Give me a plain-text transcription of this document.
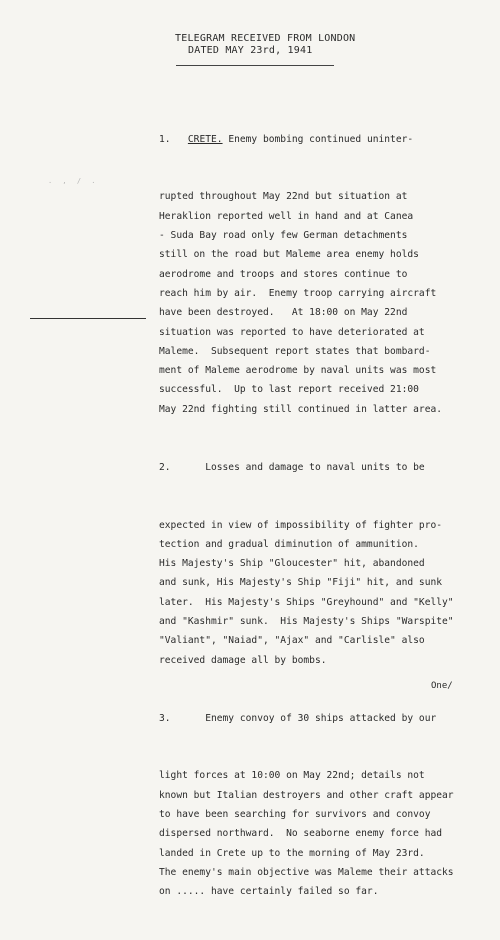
TELEGRAM RECEIVED FROM LONDON
DATED MAY 23rd, 1941
. , / .

1. CRETE. Enemy bombing continued uninter-

rupted throughout May 22nd but situation at
Heraklion reported well in hand and at Canea
- Suda Bay road only few German detachments
still on the road but Maleme area enemy holds
aerodrome and troops and stores continue to
reach him by air.  Enemy troop carrying aircraft
have been destroyed.   At 18:00 on May 22nd
situation was reported to have deteriorated at
Maleme.  Subsequent report states that bombard-
ment of Maleme aerodrome by naval units was most
successful.  Up to last report received 21:00
May 22nd fighting still continued in latter area.

2.      Losses and damage to naval units to be

expected in view of impossibility of fighter pro-
tection and gradual diminution of ammunition.
His Majesty's Ship "Gloucester" hit, abandoned
and sunk, His Majesty's Ship "Fiji" hit, and sunk
later.  His Majesty's Ships "Greyhound" and "Kelly"
and "Kashmir" sunk.  His Majesty's Ships "Warspite"
"Valiant", "Naiad", "Ajax" and "Carlisle" also
received damage all by bombs.

3.      Enemy convoy of 30 ships attacked by our

light forces at 10:00 on May 22nd; details not
known but Italian destroyers and other craft appear
to have been searching for survivors and convoy
dispersed northward.  No seaborne enemy force had
landed in Crete up to the morning of May 23rd.
The enemy's main objective was Maleme their attacks
on ..... have certainly failed so far.

One/
